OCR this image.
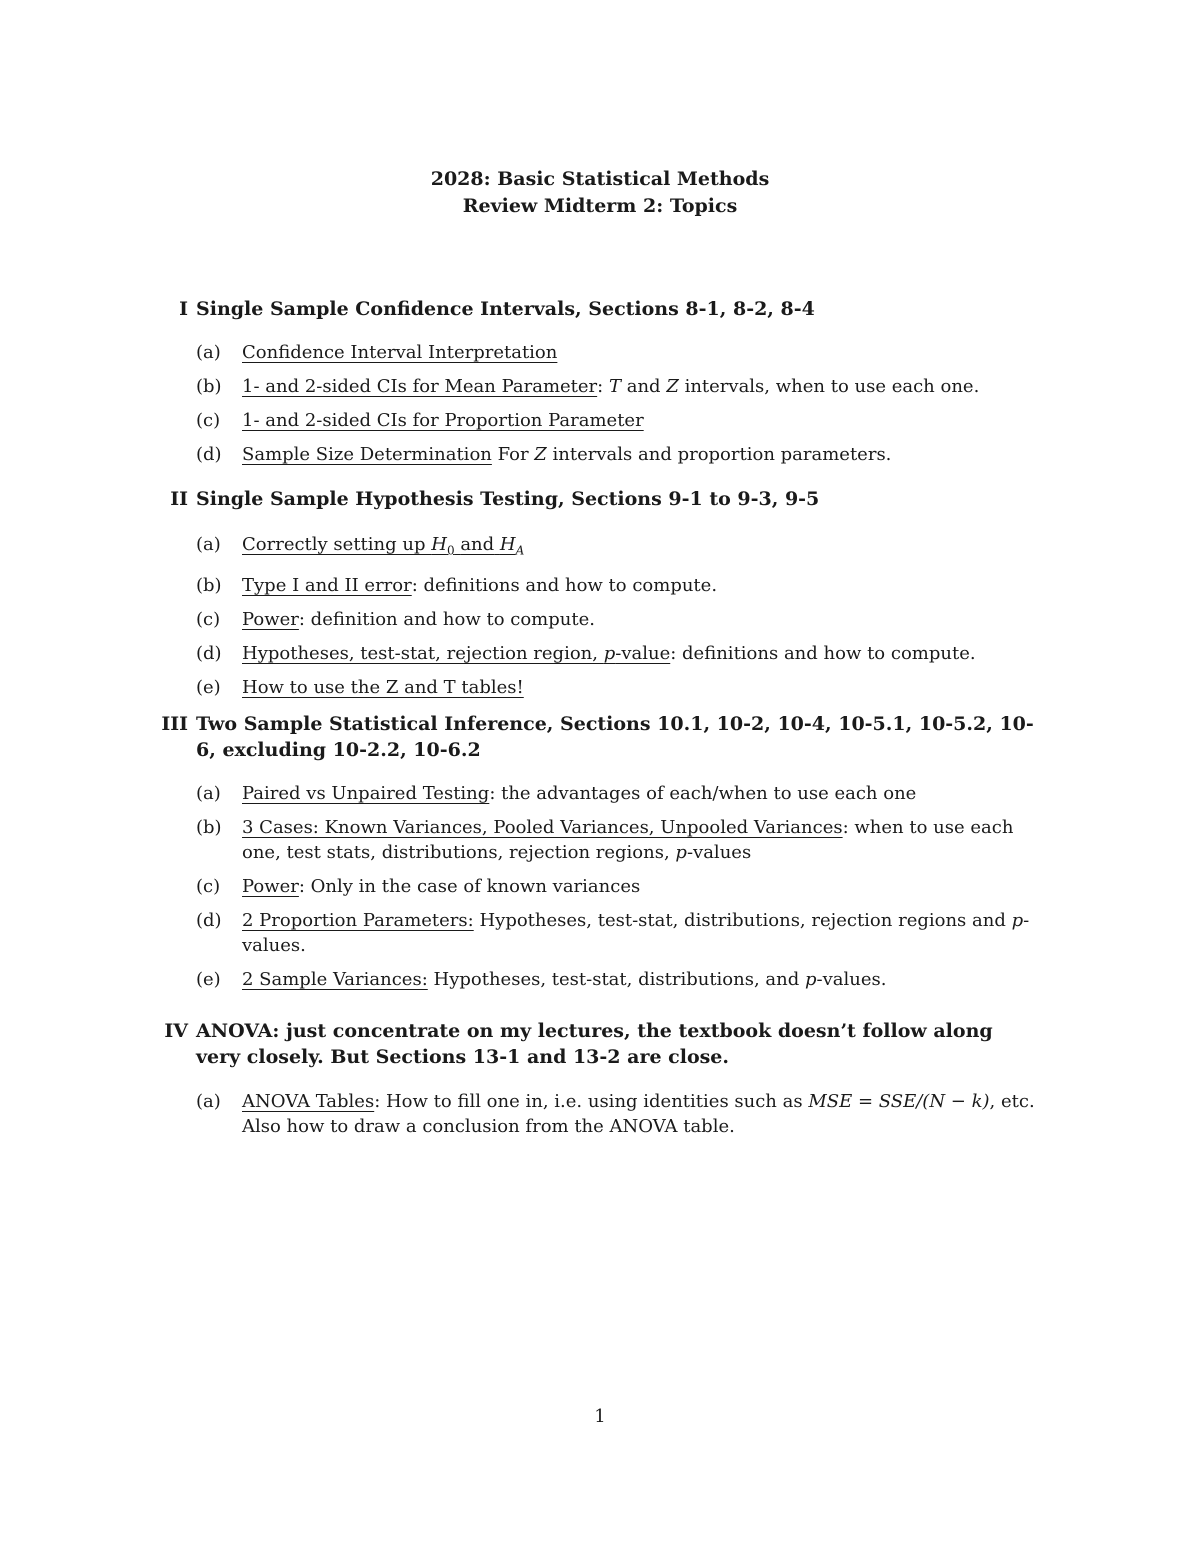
2028: Basic Statistical Methods
Review Midterm 2: Topics
I Single Sample Confidence Intervals, Sections 8-1, 8-2, 8-4
(a) Confidence Interval Interpretation
(b) 1- and 2-sided CIs for Mean Parameter: T and Z intervals, when to use each one.
(c) 1- and 2-sided CIs for Proportion Parameter
(d) Sample Size Determination For Z intervals and proportion parameters.
II Single Sample Hypothesis Testing, Sections 9-1 to 9-3, 9-5
(a) Correctly setting up $H_0$ and $H_A$
(b) Type I and II error: definitions and how to compute.
(c) Power: definition and how to compute.
(d) Hypotheses, test-stat, rejection region, p-value: definitions and how to compute.
(e) How to use the Z and T tables!
III Two Sample Statistical Inference, Sections 10.1, 10-2, 10-4, 10-5.1, 10-5.2, 10-6, excluding 10-2.2, 10-6.2
(a) Paired vs Unpaired Testing: the advantages of each/when to use each one
(b) 3 Cases: Known Variances, Pooled Variances, Unpooled Variances: when to use each one, test stats, distributions, rejection regions, p-values
(c) Power: Only in the case of known variances
(d) 2 Proportion Parameters: Hypotheses, test-stat, distributions, rejection regions and p-values.
(e) 2 Sample Variances: Hypotheses, test-stat, distributions, and p-values.
IV ANOVA: just concentrate on my lectures, the textbook doesn’t follow along very closely. But Sections 13-1 and 13-2 are close.
(a) ANOVA Tables: How to fill one in, i.e. using identities such as MSE = SSE/(N − k), etc. Also how to draw a conclusion from the ANOVA table.
1
